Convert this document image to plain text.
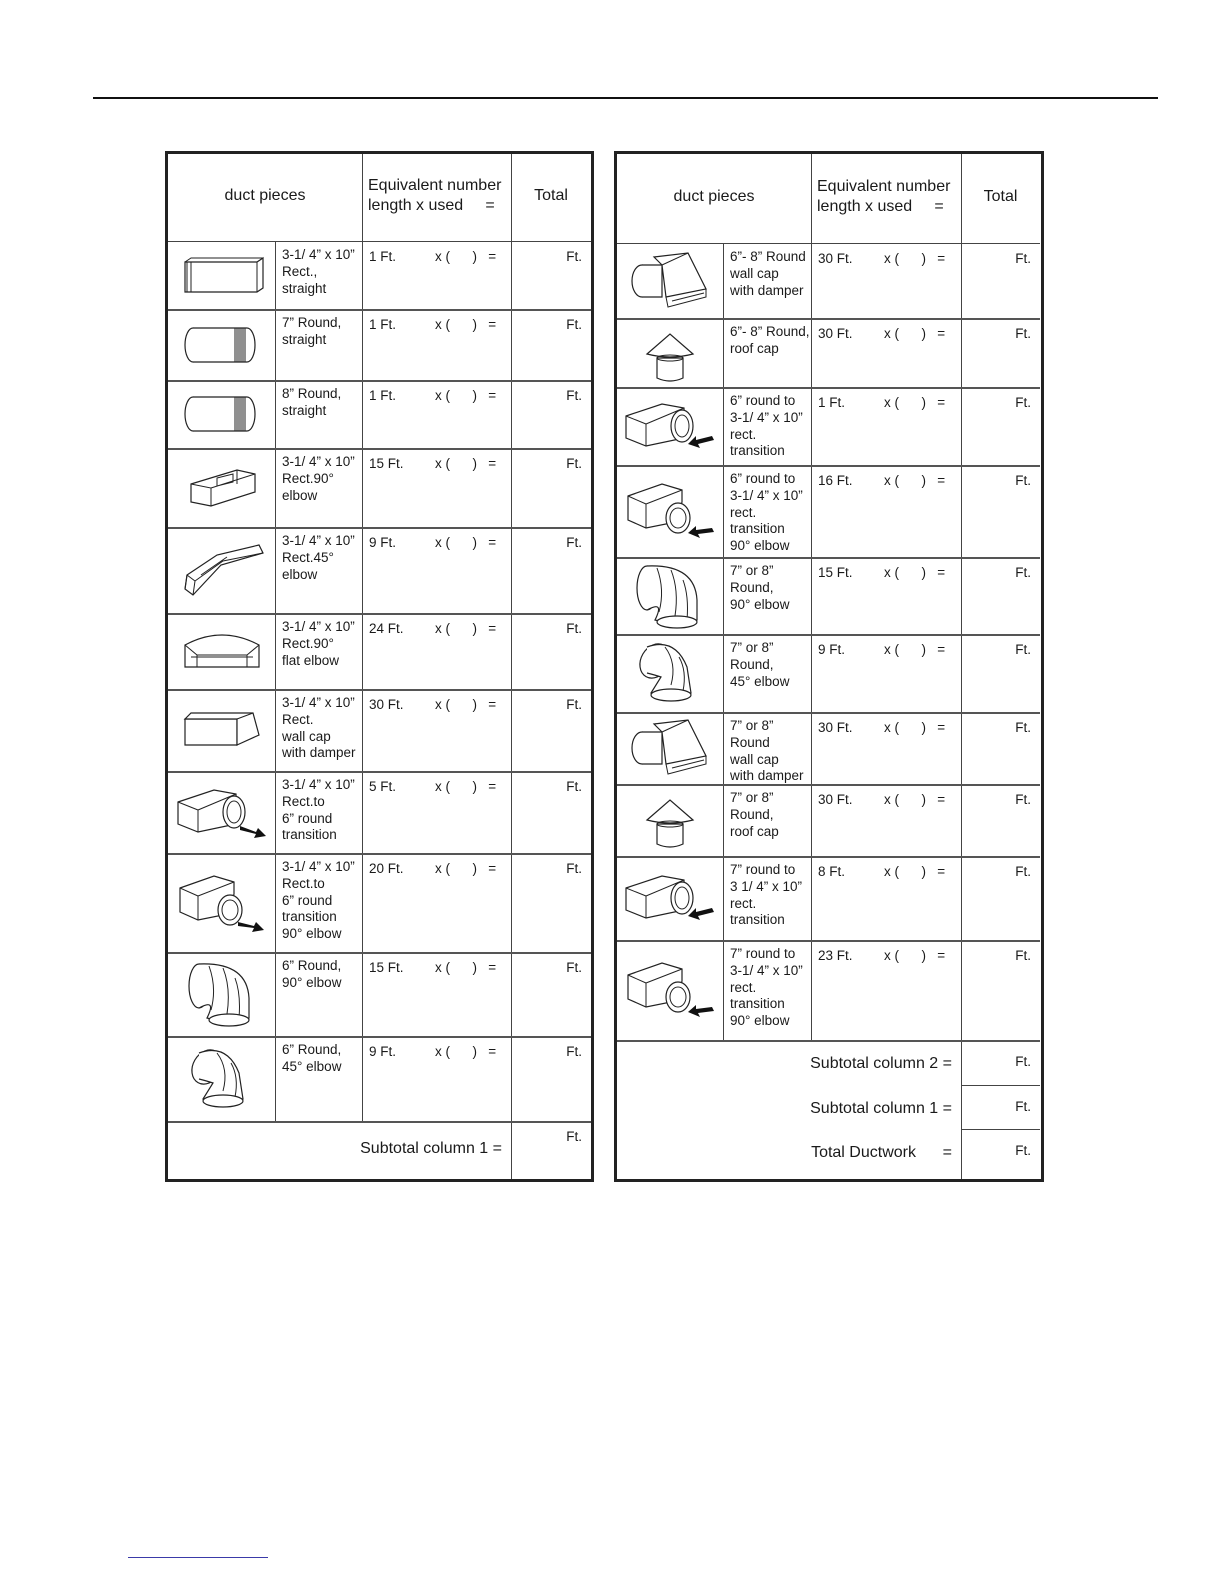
duct pieces
Equivalent number
length x used     =
Total
3-1/ 4” x 10”
Rect.,
straight
1 Ft.	x (      )   =	Ft.
7” Round,
straight
1 Ft.	x (      )   =	Ft.
8” Round,
straight
1 Ft.	x (      )   =	Ft.
3-1/ 4” x 10”
Rect.90°
elbow
15 Ft. x (      )   =	Ft.
3-1/ 4” x 10”
Rect.45°
elbow
9 Ft.	x (      )   =	Ft.
3-1/ 4” x 10”
Rect.90°
flat elbow
24 Ft. x (      )   =	Ft.
3-1/ 4” x 10”
Rect.
wall cap
with damper
30 Ft. x (      )   =	Ft.
3-1/ 4” x 10”
Rect.to
6” round
transition
5 Ft.	x (      )   =	Ft.
3-1/ 4” x 10”
Rect.to
6” round
transition
90° elbow
20 Ft. x (      )   =	Ft.
6” Round,
90° elbow
15 Ft. x (      )   =	Ft.
6” Round,
45° elbow
9 Ft.	x (      )   =	Ft.
Subtotal column 1 =
Ft.
duct pieces
Equivalent number
length x used     =
Total
6”- 8” Round
wall cap
with damper
30 Ft. x (      )   =	Ft.
6”- 8” Round,
roof cap
30 Ft. x (      )   =	Ft.
6” round to
3-1/ 4” x 10”
rect.
transition
1 Ft.	x (      )   =	Ft.
6” round to
3-1/ 4” x 10”
rect.
transition
90° elbow
16 Ft. x (      )   =	Ft.
7” or 8”
Round,
90° elbow
15 Ft. x (      )   =	Ft.
7” or 8”
Round,
45° elbow
9 Ft.	x (      )   =	Ft.
7” or 8”
Round
wall cap
with damper
30 Ft. x (      )   =	Ft.
7” or 8”
Round,
roof cap
30 Ft. x (      )   =	Ft.
7” round to
3 1/ 4” x 10”
rect.
transition
8 Ft.	x (      )   =	Ft.
7” round to
3-1/ 4” x 10”
rect.
transition
90° elbow
23 Ft. x (      )   =	Ft.
Subtotal column 2 =	Ft.
Subtotal column 1 =	Ft.
Total Ductwork      =	Ft.
